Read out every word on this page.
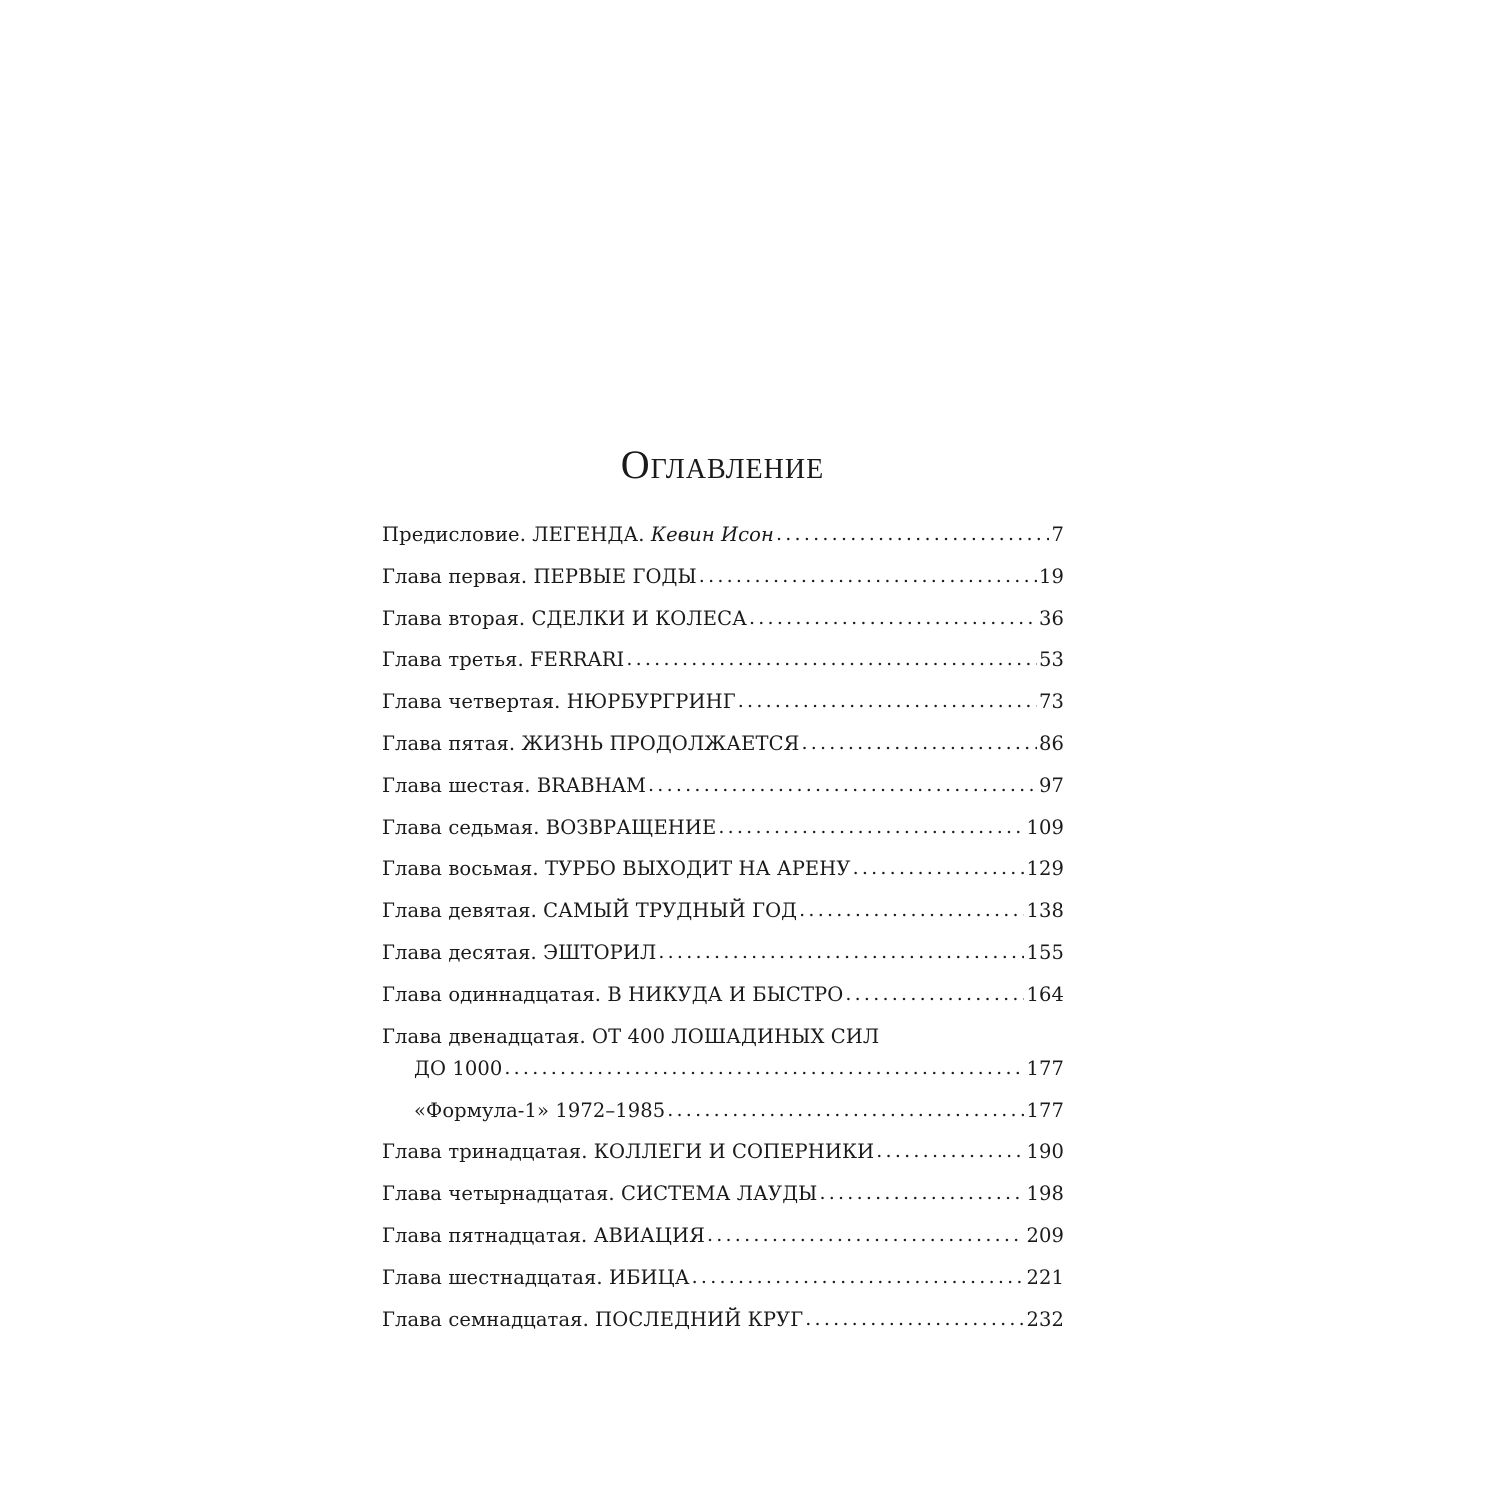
Оглавление
Предисловие. ЛЕГЕНДА. Кевин Исон . . .	7
Глава первая. ПЕРВЫЕ ГОДЫ . . .	19
Глава вторая. СДЕЛКИ И КОЛЕСА . . .	36
Глава третья. FERRARI . . .	53
Глава четвертая. НЮРБУРГРИНГ . . .	73
Глава пятая. ЖИЗНЬ ПРОДОЛЖАЕТСЯ . . .	86
Глава шестая. BRABHAM . . .	97
Глава седьмая. ВОЗВРАЩЕНИЕ . . .	109
Глава восьмая. ТУРБО ВЫХОДИТ НА АРЕНУ . . .	129
Глава девятая. САМЫЙ ТРУДНЫЙ ГОД . . .	138
Глава десятая. ЭШТОРИЛ . . .	155
Глава одиннадцатая. В НИКУДА И БЫСТРО . . .	164
Глава двенадцатая. ОТ 400 ЛОШАДИНЫХ СИЛ
ДО 1000 . . .	177
«Формула-1» 1972–1985 . . .	177
Глава тринадцатая. КОЛЛЕГИ И СОПЕРНИКИ . . .	190
Глава четырнадцатая. СИСТЕМА ЛАУДЫ . . .	198
Глава пятнадцатая. АВИАЦИЯ . . .	209
Глава шестнадцатая. ИБИЦА . . .	221
Глава семнадцатая. ПОСЛЕДНИЙ КРУГ . . .	232
